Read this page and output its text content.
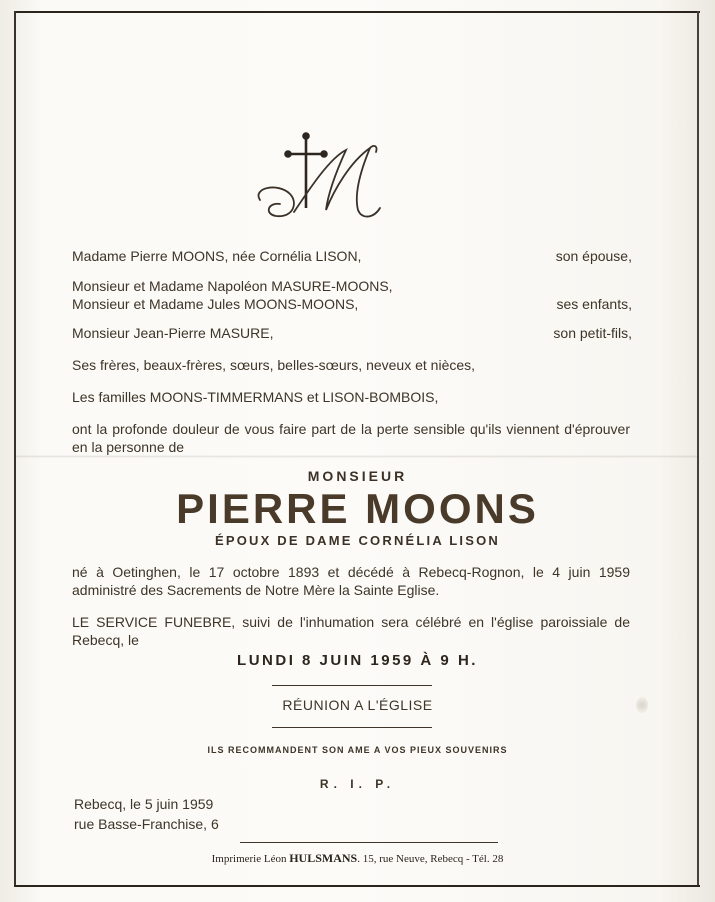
Madame Pierre MOONS, née Cornélia LISON,	son épouse,
Monsieur et Madame Napoléon MASURE-MOONS,
Monsieur et Madame Jules MOONS-MOONS,	ses enfants,
Monsieur Jean-Pierre MASURE,	son petit-fils,
Ses frères, beaux-frères, sœurs, belles-sœurs, neveux et nièces,
Les familles MOONS-TIMMERMANS et LISON-BOMBOIS,
ont la profonde douleur de vous faire part de la perte sensible qu'ils viennent d'éprouver en la personne de
MONSIEUR
PIERRE MOONS
ÉPOUX DE DAME CORNÉLIA LISON
né à Oetinghen, le 17 octobre 1893 et décédé à Rebecq-Rognon, le 4 juin 1959 administré des Sacrements de Notre Mère la Sainte Eglise.
LE SERVICE FUNEBRE, suivi de l'inhumation sera célébré en l'église paroissiale de Rebecq, le
LUNDI 8 JUIN 1959 À 9 H.
RÉUNION A L'ÉGLISE
ILS RECOMMANDENT SON AME A VOS PIEUX SOUVENIRS
R. I. P.
Rebecq, le 5 juin 1959
rue Basse-Franchise, 6
Imprimerie Léon HULSMANS. 15, rue Neuve, Rebecq - Tél. 28
